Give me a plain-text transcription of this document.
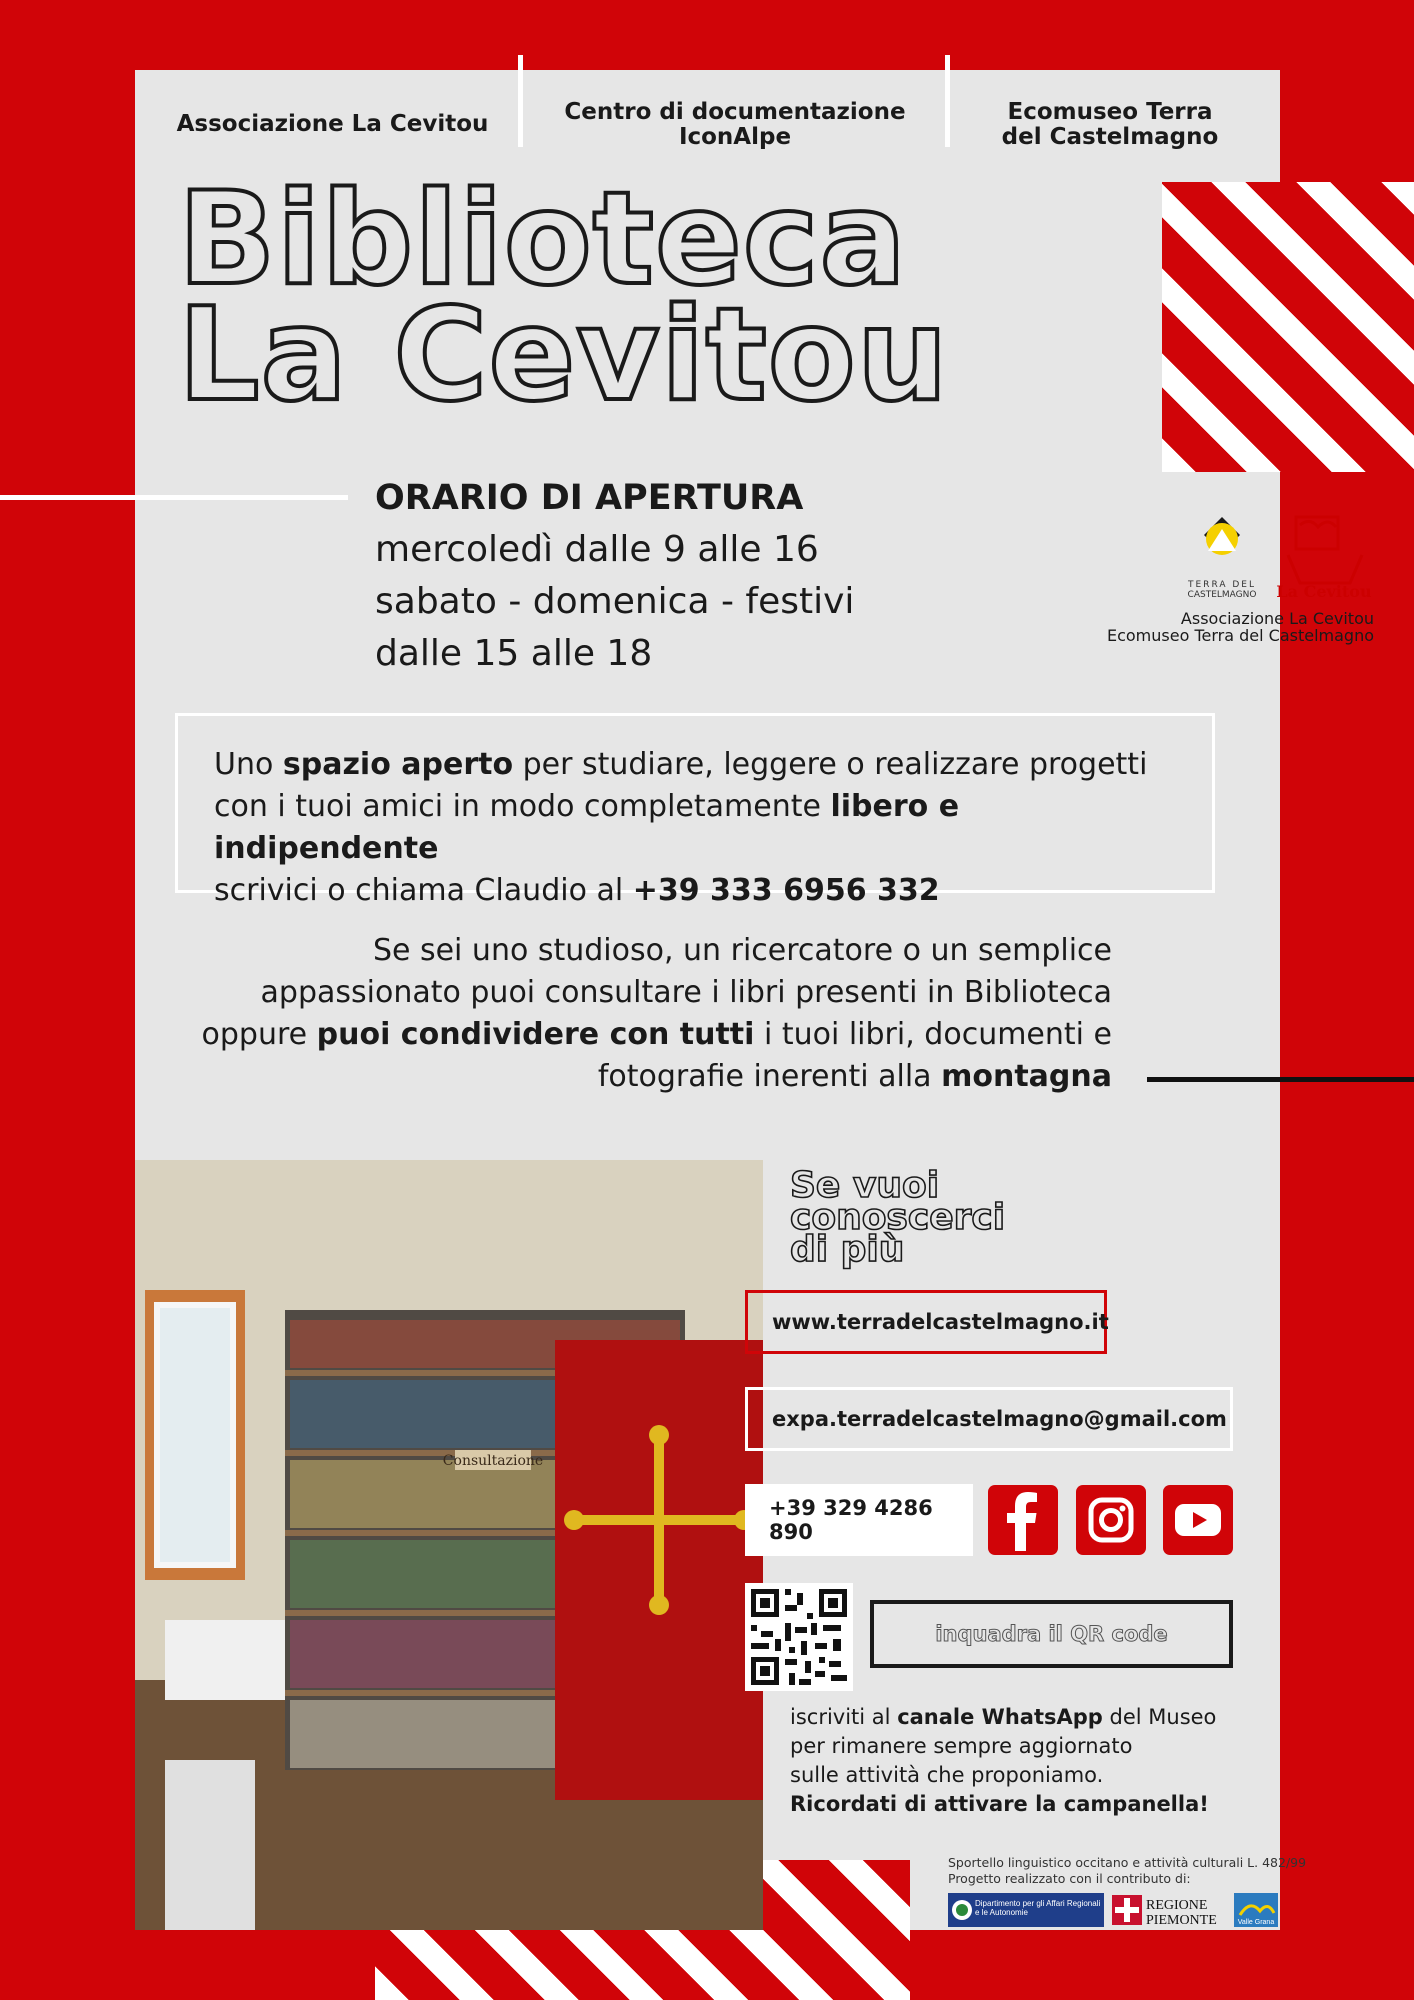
Associazione La Cevitou	Centro di documentazione IconAlpe
Ecomuseo Terra del Castelmagno
Biblioteca
La Cevitou
ORARIO DI APERTURA
mercoledì dalle 9 alle 16
sabato - domenica - festivi
dalle 15 alle 18
TERRA DEL
CASTELMAGNO La Cevitou
Associazione La Cevitou
Ecomuseo Terra del Castelmagno
Uno spazio aperto per studiare, leggere o realizzare progetti
con i tuoi amici in modo completamente libero e indipendente
scrivici o chiama Claudio al +39 333 6956 332
Se sei uno studioso, un ricercatore o un semplice
appassionato puoi consultare i libri presenti in Biblioteca
oppure puoi condividere con tutti i tuoi libri, documenti e
fotografie inerenti alla montagna
Consultazione
Se vuoi
conoscerci
di più
www.terradelcastelmagno.it
expa.terradelcastelmagno@gmail.com
+39 329 4286 890
inquadra il QR code
iscriviti al canale WhatsApp del Museo
per rimanere sempre aggiornato
sulle attività che proponiamo.
Ricordati di attivare la campanella!
Sportello linguistico occitano e attività culturali L. 482/99
Progetto realizzato con il contributo di:
Dipartimento per gli Affari Regionali e le Autonomie	REGIONE
PIEMONTE	Valle Grana
